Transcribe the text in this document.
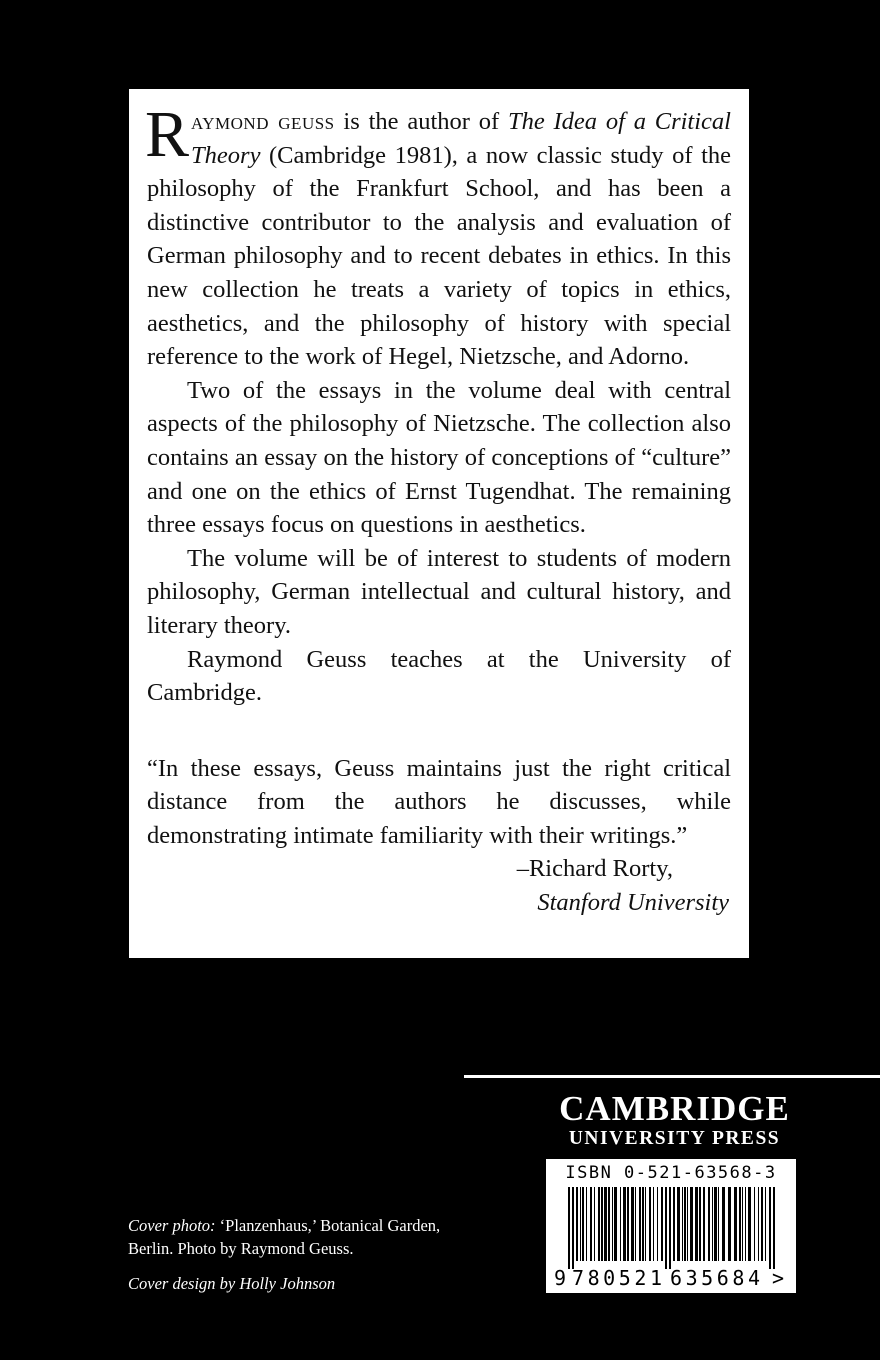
Raymond geuss is the author of The Idea of a Critical Theory (Cambridge 1981), a now classic study of the philosophy of the Frankfurt School, and has been a distinctive contributor to the analysis and evaluation of German philosophy and to recent debates in ethics. In this new collection he treats a variety of topics in ethics, aesthetics, and the philosophy of history with special reference to the work of Hegel, Nietzsche, and Adorno.

Two of the essays in the volume deal with central aspects of the philosophy of Nietzsche. The collection also contains an essay on the history of conceptions of “culture” and one on the ethics of Ernst Tugendhat. The remaining three essays focus on questions in aesthetics.

The volume will be of interest to students of modern philosophy, German intellectual and cultural history, and literary theory.

Raymond Geuss teaches at the University of Cambridge.

“In these essays, Geuss maintains just the right critical distance from the authors he discusses, while demonstrating intimate familiarity with their writings.”

–Richard Rorty,
Stanford University
CAMBRIDGE
UNIVERSITY PRESS
ISBN 0-521-63568-3
9 780521 635684 >

Cover photo: ‘Planzenhaus,’ Botanical Garden, Berlin. Photo by Raymond Geuss.

Cover design by Holly Johnson
